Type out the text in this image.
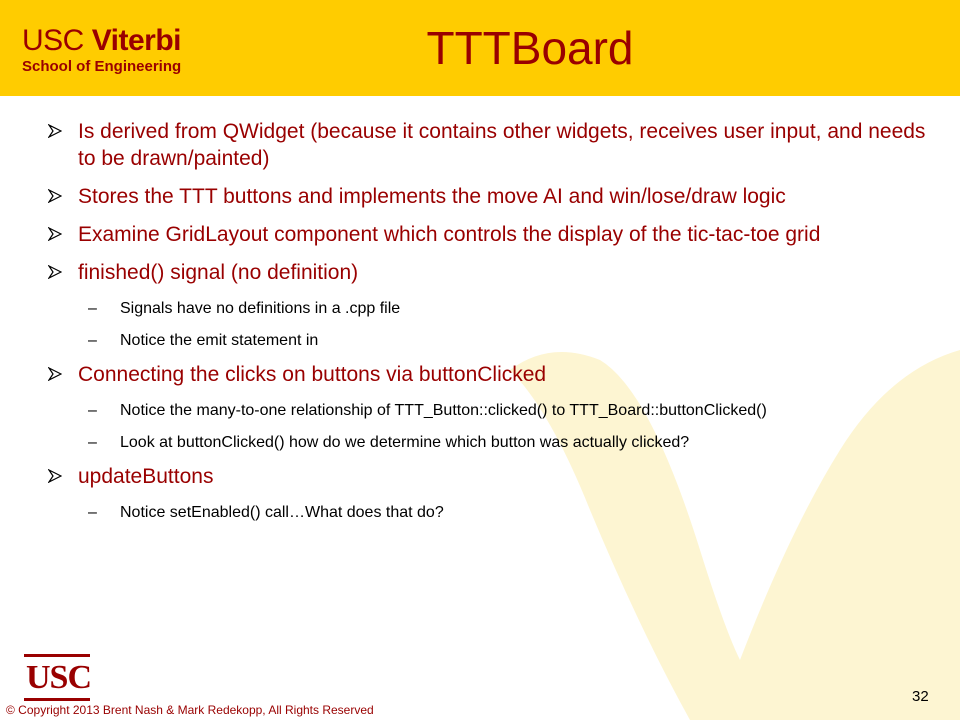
USC Viterbi
School of Engineering	TTTBoard
Is derived from QWidget (because it contains other widgets, receives user input, and needs to be drawn/painted)
Stores the TTT buttons and implements the move AI and win/lose/draw logic
Examine GridLayout component which controls the display of the tic-tac-toe grid
finished() signal (no definition)
– Signals have no definitions in a .cpp file
– Notice the emit statement in
Connecting the clicks on buttons via buttonClicked
– Notice the many-to-one relationship of TTT_Button::clicked() to TTT_Board::buttonClicked()
– Look at buttonClicked() how do we determine which button was actually clicked?
updateButtons
– Notice setEnabled() call…What does that do?
USC
© Copyright 2013 Brent Nash & Mark Redekopp, All Rights Reserved
32
